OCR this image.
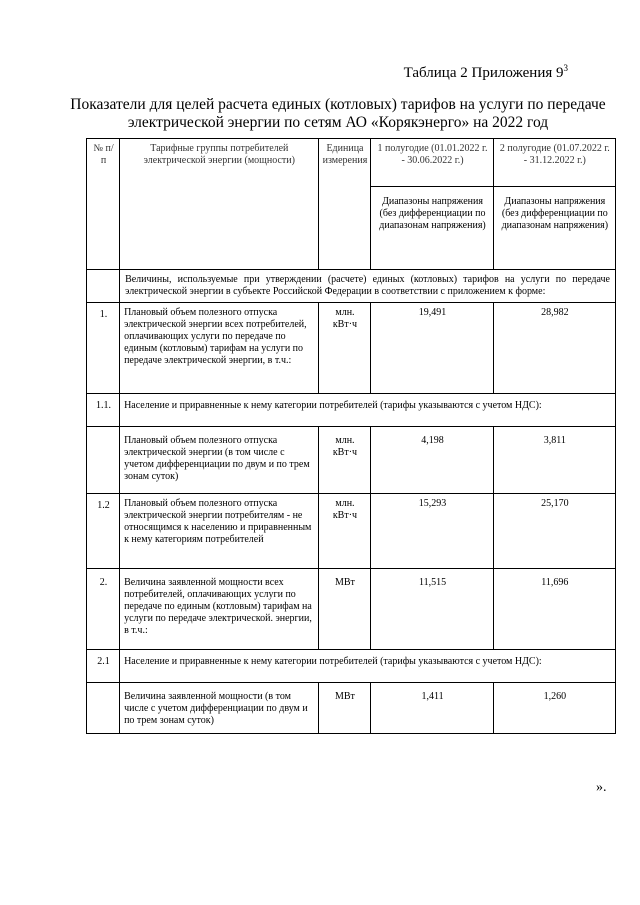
Таблица 2 Приложения $9^3$
Показатели для целей расчета единых (котловых) тарифов на услуги по передаче электрической энергии по сетям АО «Корякэнерго» на 2022 год
№ п/п	Тарифные группы потребителей электрической энергии (мощности)	Единица измерения	1 полугодие (01.01.2022 г. - 30.06.2022 г.)	2 полугодие (01.07.2022 г. - 31.12.2022 г.)

			Диапазоны напряжения (без дифференциации по диапазонам напряжения)	Диапазоны напряжения (без дифференциации по диапазонам напряжения)

	Величины, используемые при утверждении (расчете) единых (котловых) тарифов на услуги по передаче электрической энергии в субъекте Российской Федерации в соответствии с приложением к форме:			

1.	Плановый объем полезного отпуска электрической энергии всех потребителей, оплачивающих услуги по передаче по единым (котловым) тарифам на услуги по передаче электрической энергии, в т.ч.:	млн. кВт·ч	19,491	28,982

1.1.	Население и приравненные к нему категории потребителей (тарифы указываются с учетом НДС):			

	Плановый объем полезного отпуска электрической энергии (в том числе с учетом дифференциации по двум и по трем зонам суток)	млн. кВт·ч	4,198	3,811

1.2	Плановый объем полезного отпуска электрической энергии потребителям - не относящимся к населению и приравненным к нему категориям потребителей	млн. кВт·ч	15,293	25,170

2.	Величина заявленной мощности всех потребителей, оплачивающих услуги по передаче по единым (котловым) тарифам на услуги по передаче электрической. энергии, в т.ч.:	МВт	11,515	11,696

2.1	Население и приравненные к нему категории потребителей (тарифы указываются с учетом НДС):			

	Величина заявленной мощности (в том числе с учетом дифференциации по двум и по трем зонам суток)	МВт	1,411	1,260
».
